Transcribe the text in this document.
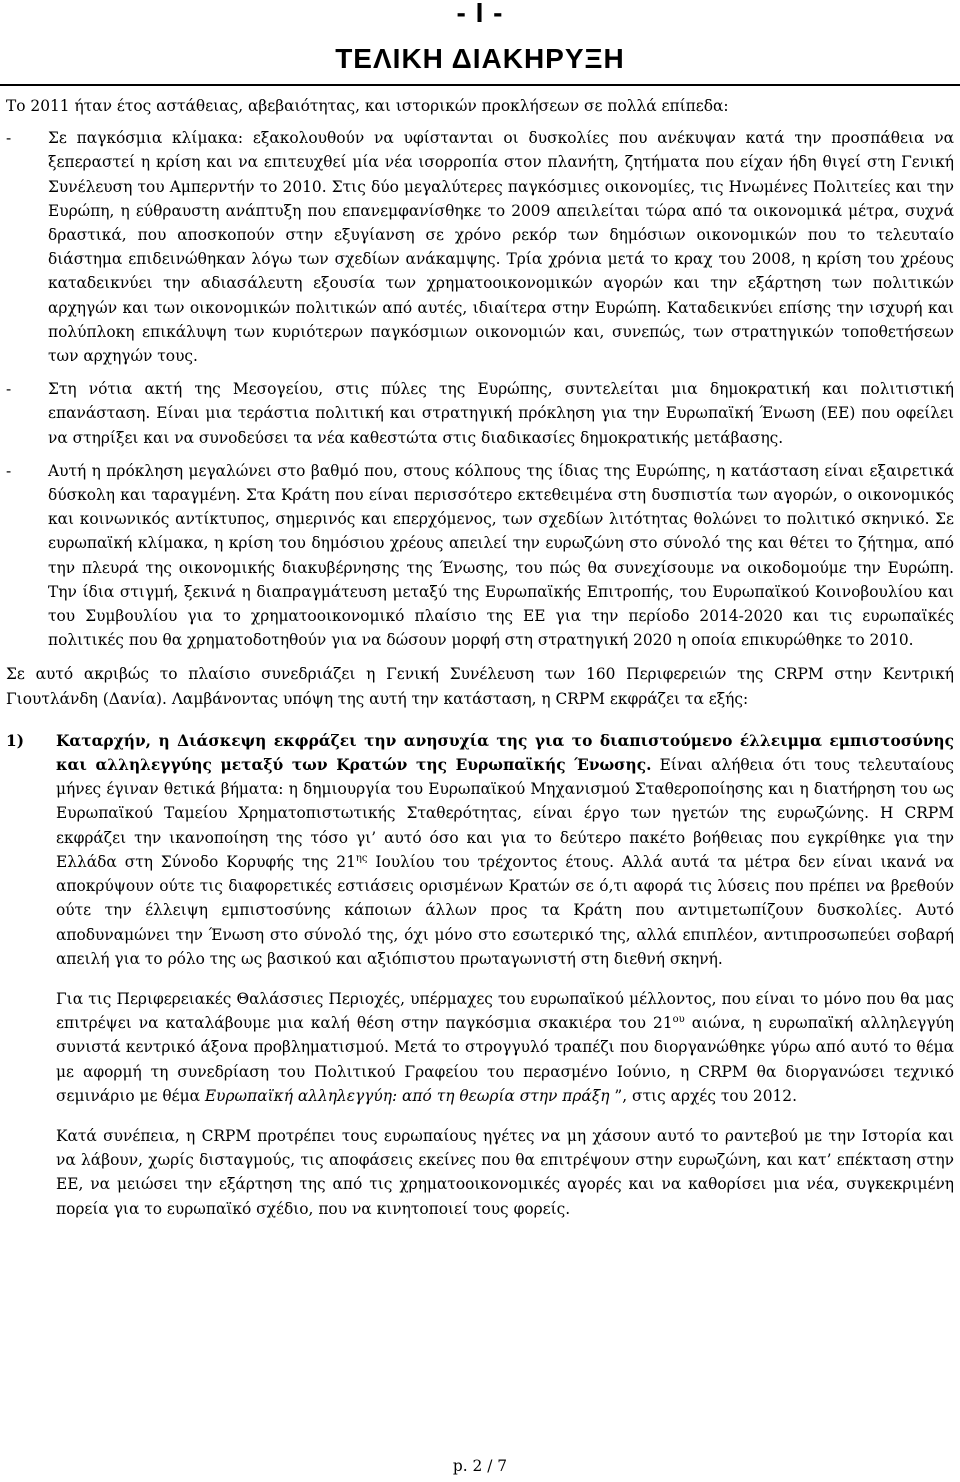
- I -
ΤΕΛΙΚΗ ΔΙΑΚΗΡΥΞΗ

Το 2011 ήταν έτος αστάθειας, αβεβαιότητας, και ιστορικών προκλήσεων σε πολλά επίπεδα:

-	Σε παγκόσμια κλίμακα: εξακολουθούν να υφίστανται οι δυσκολίες που ανέκυψαν κατά την προσπάθεια να ξεπεραστεί η κρίση και να επιτευχθεί μία νέα ισορροπία στον πλανήτη, ζητήματα που είχαν ήδη θιγεί στη Γενική Συνέλευση του Αμπερντήν το 2010. Στις δύο μεγαλύτερες παγκόσμιες οικονομίες, τις Ηνωμένες Πολιτείες και την Ευρώπη, η εύθραυστη ανάπτυξη που επανεμφανίσθηκε το 2009 απειλείται τώρα από τα οικονομικά μέτρα, συχνά δραστικά, που αποσκοπούν στην εξυγίανση σε χρόνο ρεκόρ των δημόσιων οικονομικών που το τελευταίο διάστημα επιδεινώθηκαν λόγω των σχεδίων ανάκαμψης. Τρία χρόνια μετά το κραχ του 2008, η κρίση του χρέους καταδεικνύει την αδιασάλευτη εξουσία των χρηματοοικονομικών αγορών και την εξάρτηση των πολιτικών αρχηγών και των οικονομικών πολιτικών από αυτές, ιδιαίτερα στην Ευρώπη. Καταδεικνύει επίσης την ισχυρή και πολύπλοκη επικάλυψη των κυριότερων παγκόσμιων οικονομιών και, συνεπώς, των στρατηγικών τοποθετήσεων των αρχηγών τους.
-	Στη νότια ακτή της Μεσογείου, στις πύλες της Ευρώπης, συντελείται μια δημοκρατική και πολιτιστική επανάσταση. Είναι μια τεράστια πολιτική και στρατηγική πρόκληση για την Ευρωπαϊκή Ένωση (ΕΕ) που οφείλει να στηρίξει και να συνοδεύσει τα νέα καθεστώτα στις διαδικασίες δημοκρατικής μετάβασης.
-	Αυτή η πρόκληση μεγαλώνει στο βαθμό που, στους κόλπους της ίδιας της Ευρώπης, η κατάσταση είναι εξαιρετικά δύσκολη και ταραγμένη. Στα Κράτη που είναι περισσότερο εκτεθειμένα στη δυσπιστία των αγορών, ο οικονομικός και κοινωνικός αντίκτυπος, σημερινός και επερχόμενος, των σχεδίων λιτότητας θολώνει το πολιτικό σκηνικό. Σε ευρωπαϊκή κλίμακα, η κρίση του δημόσιου χρέους απειλεί την ευρωζώνη στο σύνολό της και θέτει το ζήτημα, από την πλευρά της οικονομικής διακυβέρνησης της Ένωσης, του πώς θα συνεχίσουμε να οικοδομούμε την Ευρώπη. Την ίδια στιγμή, ξεκινά η διαπραγμάτευση μεταξύ της Ευρωπαϊκής Επιτροπής, του Ευρωπαϊκού Κοινοβουλίου και του Συμβουλίου για το χρηματοοικονομικό πλαίσιο της ΕΕ για την περίοδο 2014-2020 και τις ευρωπαϊκές πολιτικές που θα χρηματοδοτηθούν για να δώσουν μορφή στη στρατηγική 2020 η οποία επικυρώθηκε το 2010.

Σε αυτό ακριβώς το πλαίσιο συνεδριάζει η Γενική Συνέλευση των 160 Περιφερειών της CRPM στην Κεντρική Γιουτλάνδη (Δανία). Λαμβάνοντας υπόψη της αυτή την κατάσταση, η CRPM εκφράζει τα εξής:

1)	Καταρχήν, η Διάσκεψη εκφράζει την ανησυχία της για το διαπιστούμενο έλλειμμα εμπιστοσύνης και αλληλεγγύης μεταξύ των Κρατών της Ευρωπαϊκής Ένωσης. Είναι αλήθεια ότι τους τελευταίους μήνες έγιναν θετικά βήματα: η δημιουργία του Ευρωπαϊκού Μηχανισμού Σταθεροποίησης και η διατήρηση του ως Ευρωπαϊκού Ταμείου Χρηματοπιστωτικής Σταθερότητας, είναι έργο των ηγετών της ευρωζώνης. Η CRPM εκφράζει την ικανοποίηση της τόσο γι’ αυτό όσο και για το δεύτερο πακέτο βοήθειας που εγκρίθηκε για την Ελλάδα στη Σύνοδο Κορυφής της $21^{\eta\varsigma}$ Ιουλίου του τρέχοντος έτους. Αλλά αυτά τα μέτρα δεν είναι ικανά να αποκρύψουν ούτε τις διαφορετικές εστιάσεις ορισμένων Κρατών σε ό,τι αφορά τις λύσεις που πρέπει να βρεθούν ούτε την έλλειψη εμπιστοσύνης κάποιων άλλων προς τα Κράτη που αντιμετωπίζουν δυσκολίες. Αυτό αποδυναμώνει την Ένωση στο σύνολό της, όχι μόνο στο εσωτερικό της, αλλά επιπλέον, αντιπροσωπεύει σοβαρή απειλή για το ρόλο της ως βασικού και αξιόπιστου πρωταγωνιστή στη διεθνή σκηνή.

Για τις Περιφερειακές Θαλάσσιες Περιοχές, υπέρμαχες του ευρωπαϊκού μέλλοντος, που είναι το μόνο που θα μας επιτρέψει να καταλάβουμε μια καλή θέση στην παγκόσμια σκακιέρα του $21^{o\upsilon}$ αιώνα, η ευρωπαϊκή αλληλεγγύη συνιστά κεντρικό άξονα προβληματισμού. Μετά το στρογγυλό τραπέζι που διοργανώθηκε γύρω από αυτό το θέμα με αφορμή τη συνεδρίαση του Πολιτικού Γραφείου του περασμένο Ιούνιο, η CRPM θα διοργανώσει τεχνικό σεμινάριο με θέμα Ευρωπαϊκή αλληλεγγύη: από τη θεωρία στην πράξη ”, στις αρχές του 2012.

Κατά συνέπεια, η CRPM προτρέπει τους ευρωπαίους ηγέτες να μη χάσουν αυτό το ραντεβού με την Ιστορία και να λάβουν, χωρίς δισταγμούς, τις αποφάσεις εκείνες που θα επιτρέψουν στην ευρωζώνη, και κατ’ επέκταση στην ΕΕ, να μειώσει την εξάρτηση της από τις χρηματοοικονομικές αγορές και να καθορίσει μια νέα, συγκεκριμένη πορεία για το ευρωπαϊκό σχέδιο, που να κινητοποιεί τους φορείς.

p. 2 / 7
